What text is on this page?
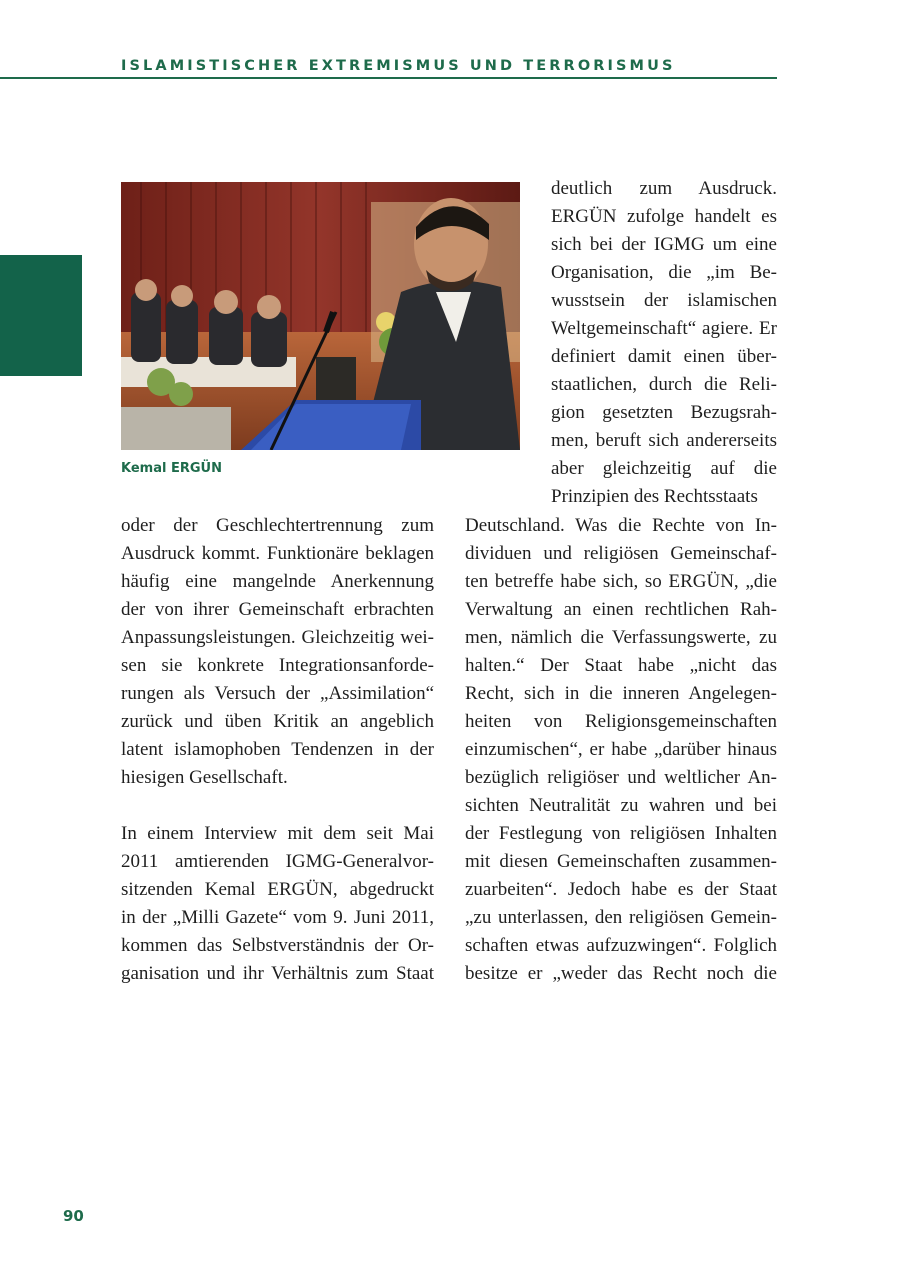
ISLAMISTISCHER EXTREMISMUS UND TERRORISMUS
Kemal ERGÜN
deutlich zum Ausdruck.
ERGÜN zufolge handelt es
sich bei der IGMG um eine
Organisation, die „im Be-
wusstsein der islamischen
Weltgemeinschaft“ agiere. Er
definiert damit einen über-
staatlichen, durch die Reli-
gion gesetzten Bezugsrah-
men, beruft sich andererseits
aber gleichzeitig auf die
Prinzipien des Rechtsstaats
oder der Geschlechtertrennung zum
Ausdruck kommt. Funktionäre beklagen
häufig eine mangelnde Anerkennung
der von ihrer Gemeinschaft erbrachten
Anpassungsleistungen. Gleichzeitig wei-
sen sie konkrete Integrationsanforde-
rungen als Versuch der „Assimilation“
zurück und üben Kritik an angeblich
latent islamophoben Tendenzen in der
hiesigen Gesellschaft.
In einem Interview mit dem seit Mai
2011 amtierenden IGMG-Generalvor-
sitzenden Kemal ERGÜN, abgedruckt
in der „Milli Gazete“ vom 9. Juni 2011,
kommen das Selbstverständnis der Or-
ganisation und ihr Verhältnis zum Staat
Deutschland. Was die Rechte von In-
dividuen und religiösen Gemeinschaf-
ten betreffe habe sich, so ERGÜN, „die
Verwaltung an einen rechtlichen Rah-
men, nämlich die Verfassungswerte, zu
halten.“ Der Staat habe „nicht das
Recht, sich in die inneren Angelegen-
heiten von Religionsgemeinschaften
einzumischen“, er habe „darüber hinaus
bezüglich religiöser und weltlicher An-
sichten Neutralität zu wahren und bei
der Festlegung von religiösen Inhalten
mit diesen Gemeinschaften zusammen-
zuarbeiten“. Jedoch habe es der Staat
„zu unterlassen, den religiösen Gemein-
schaften etwas aufzuzwingen“. Folglich
besitze er „weder das Recht noch die
90
